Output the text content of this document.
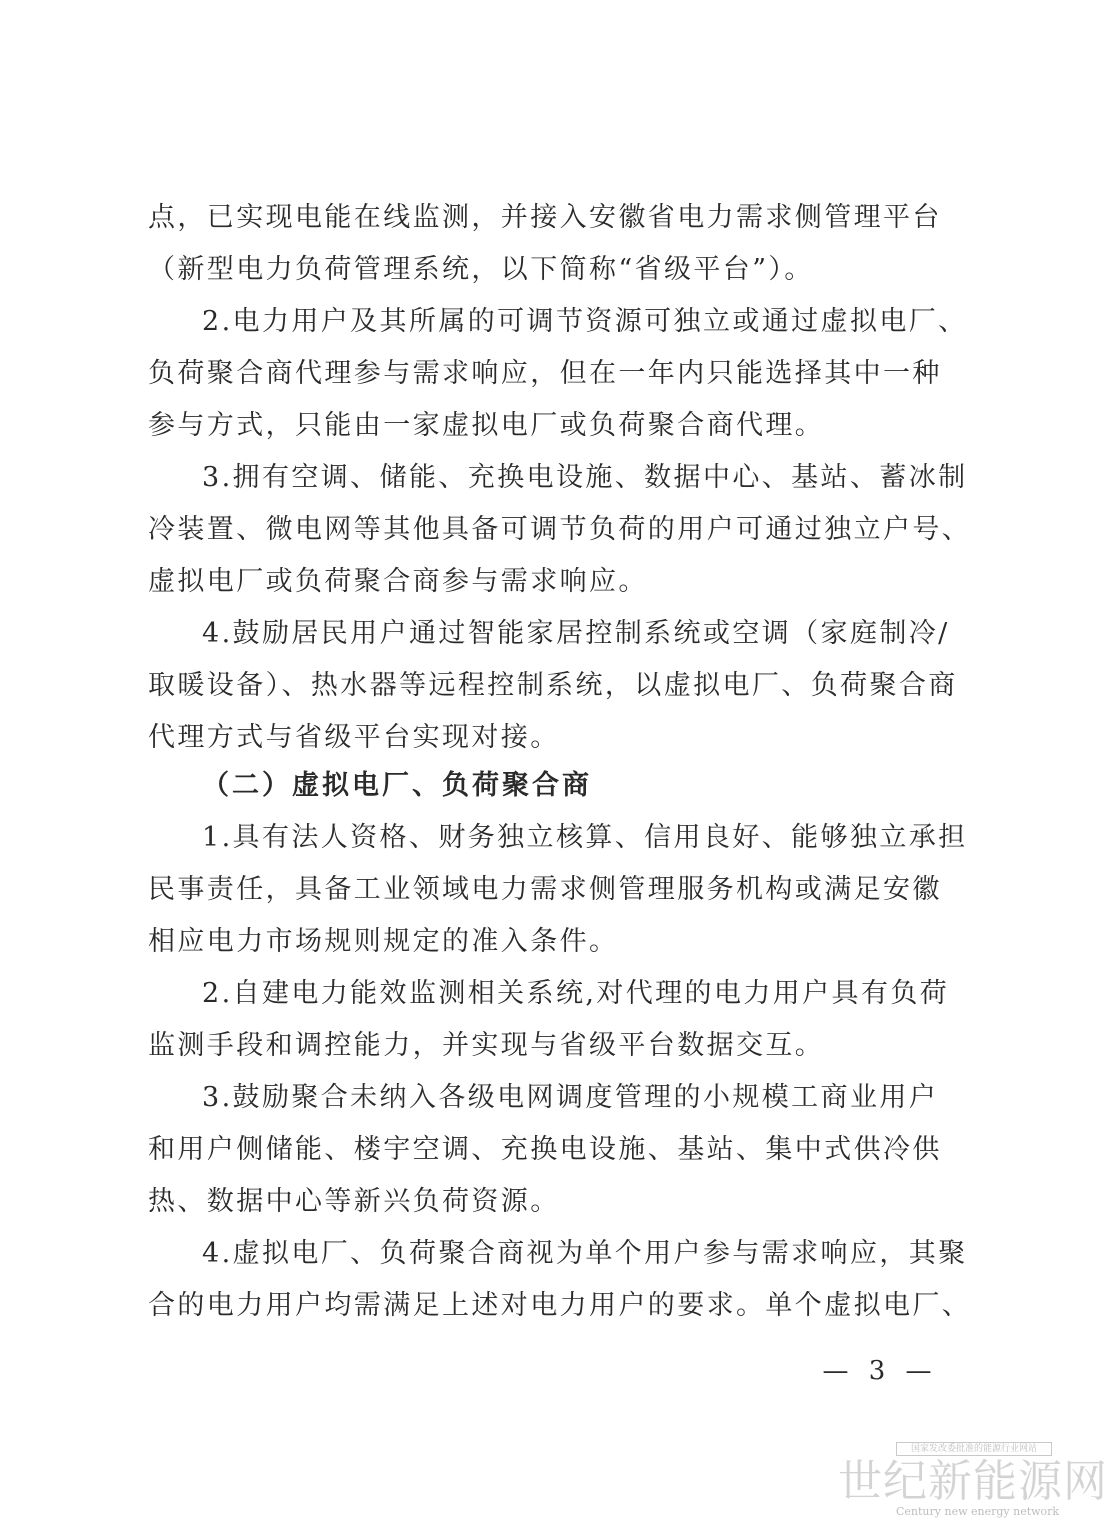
点，已实现电能在线监测，并接入安徽省电力需求侧管理平台
（新型电力负荷管理系统，以下简称“省级平台”）。
2.电力用户及其所属的可调节资源可独立或通过虚拟电厂、
负荷聚合商代理参与需求响应，但在一年内只能选择其中一种
参与方式，只能由一家虚拟电厂或负荷聚合商代理。
3.拥有空调、储能、充换电设施、数据中心、基站、蓄冰制
冷装置、微电网等其他具备可调节负荷的用户可通过独立户号、
虚拟电厂或负荷聚合商参与需求响应。
4.鼓励居民用户通过智能家居控制系统或空调（家庭制冷/
取暖设备）、热水器等远程控制系统，以虚拟电厂、负荷聚合商
代理方式与省级平台实现对接。
（二）虚拟电厂、负荷聚合商
1.具有法人资格、财务独立核算、信用良好、能够独立承担
民事责任，具备工业领域电力需求侧管理服务机构或满足安徽
相应电力市场规则规定的准入条件。
2.自建电力能效监测相关系统,对代理的电力用户具有负荷
监测手段和调控能力，并实现与省级平台数据交互。
3.鼓励聚合未纳入各级电网调度管理的小规模工商业用户
和用户侧储能、楼宇空调、充换电设施、基站、集中式供冷供
热、数据中心等新兴负荷资源。
4.虚拟电厂、负荷聚合商视为单个用户参与需求响应，其聚
合的电力用户均需满足上述对电力用户的要求。单个虚拟电厂、
— 3 —
国家发改委批准的能源行业网站
世纪新能源网
Century new energy network
